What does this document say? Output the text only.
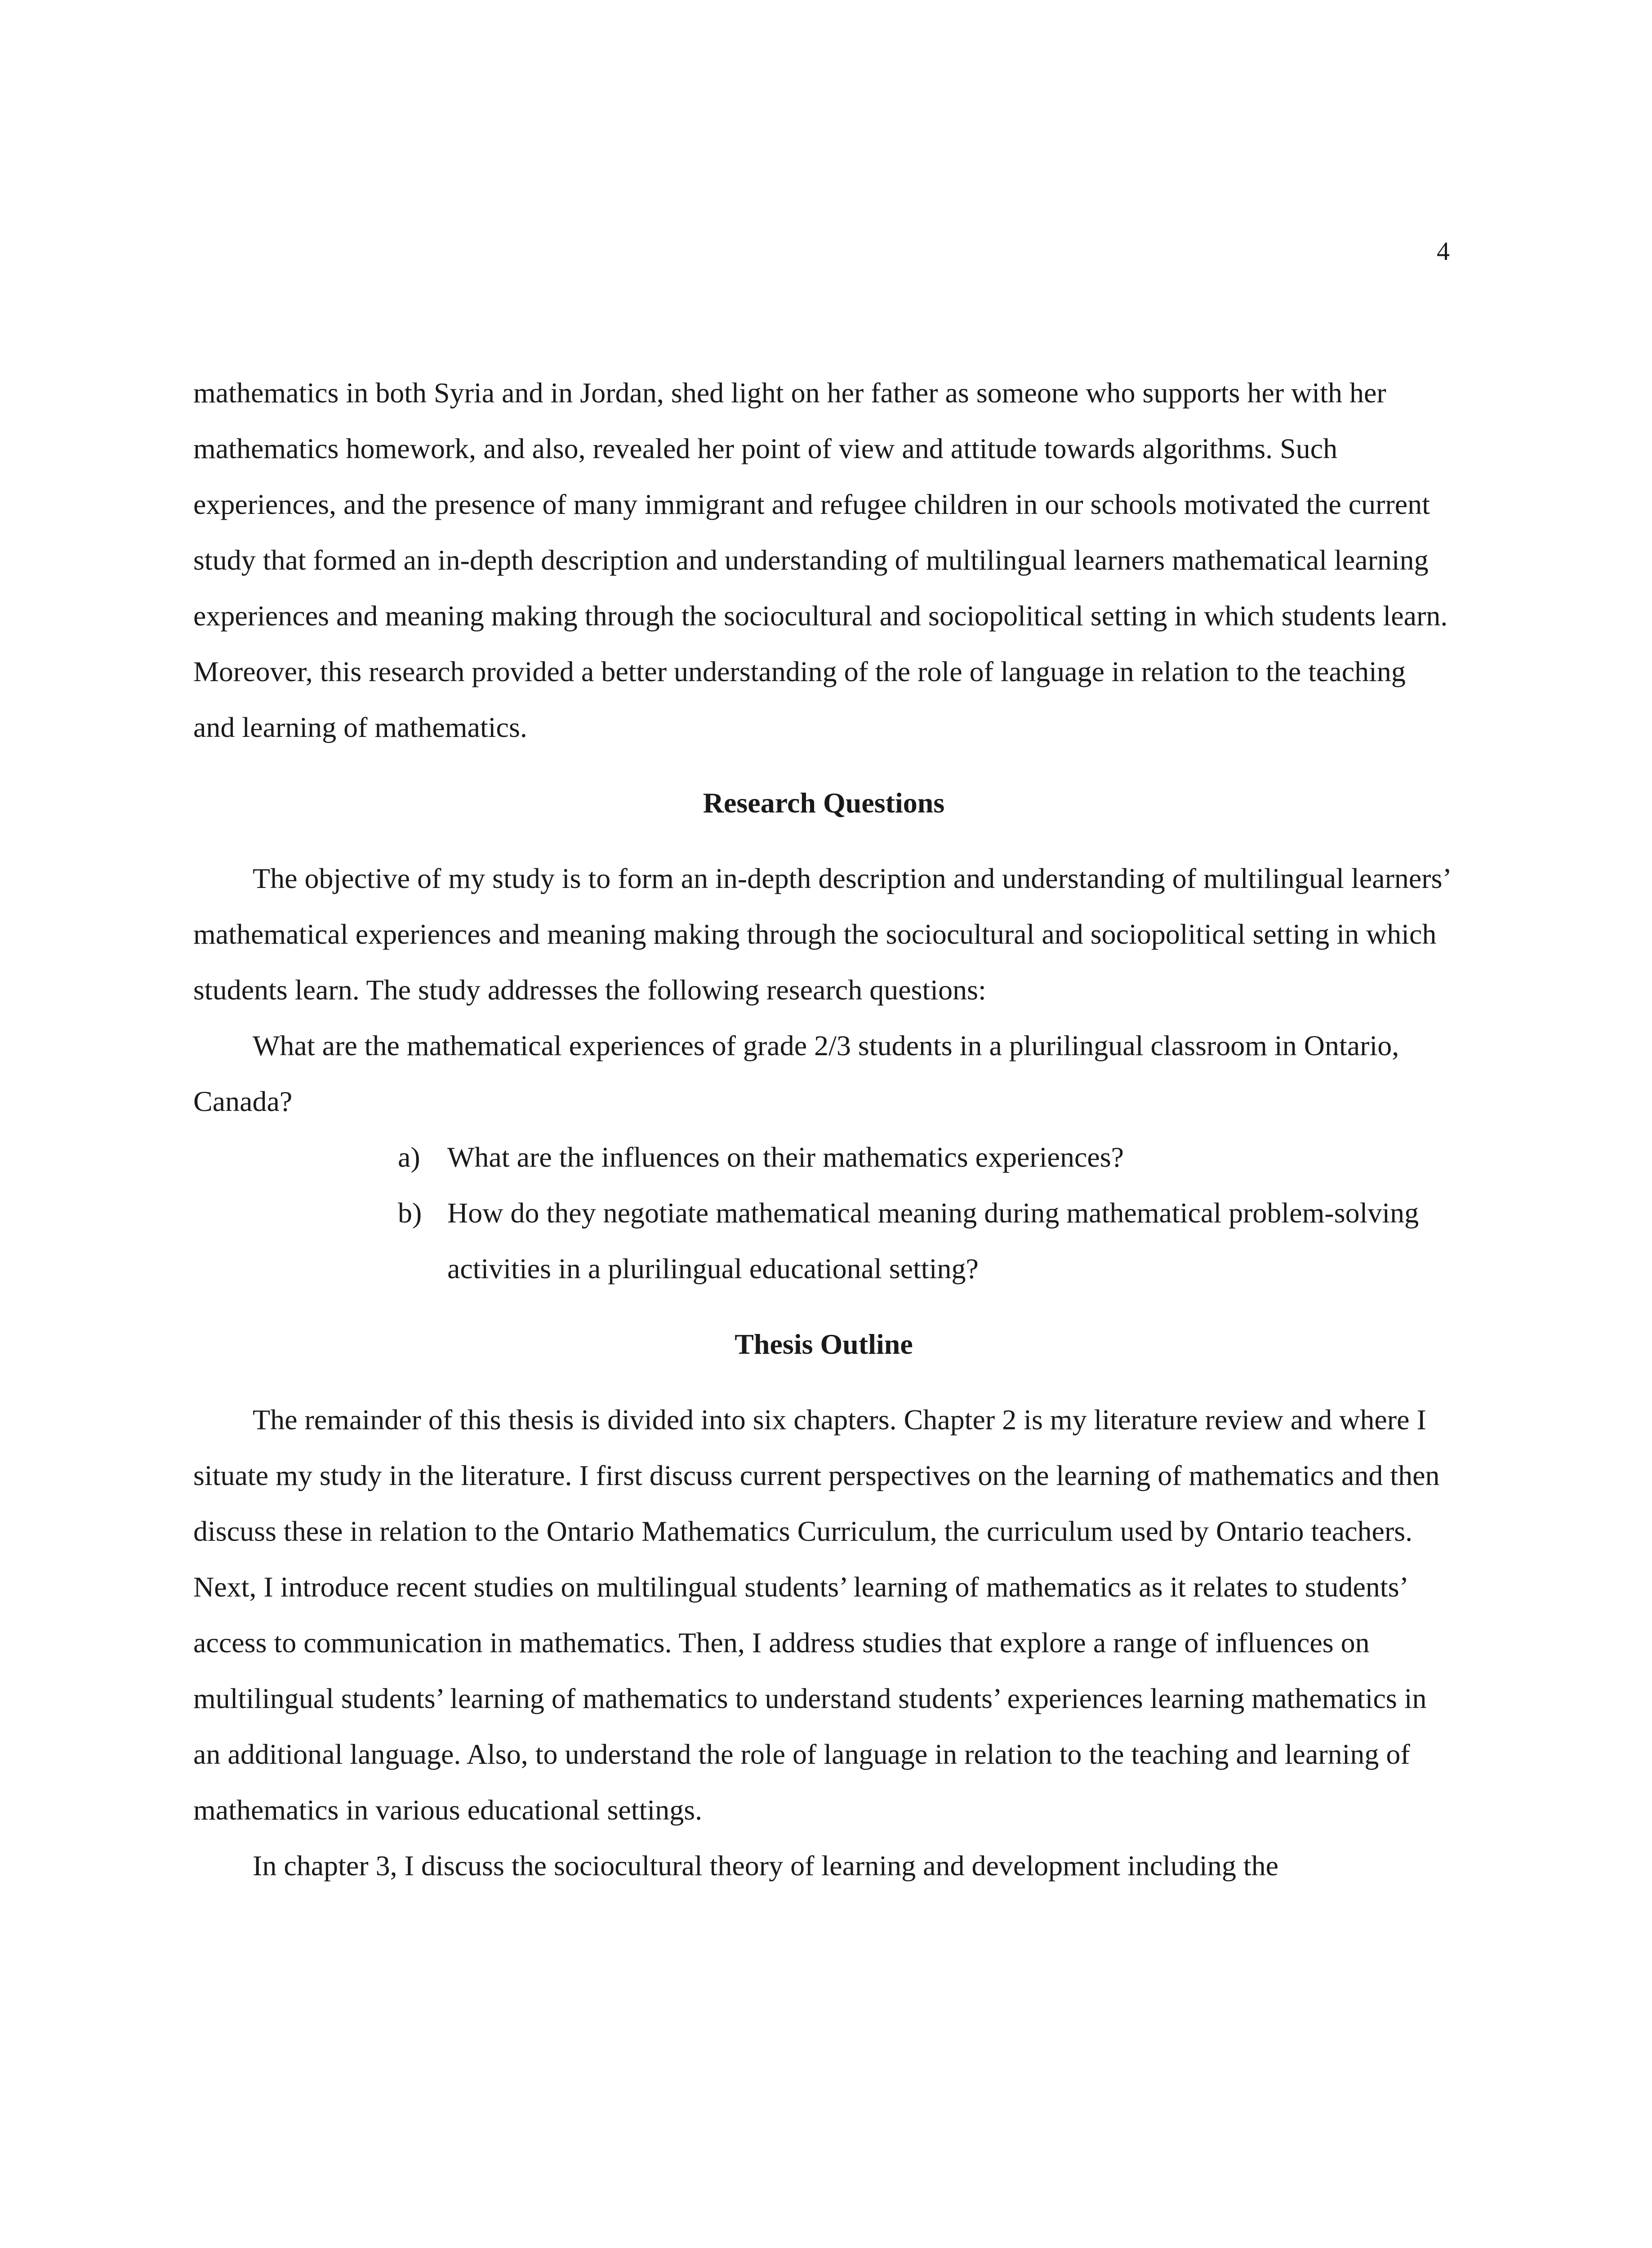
4

mathematics in both Syria and in Jordan, shed light on her father as someone who supports her with her mathematics homework, and also, revealed her point of view and attitude towards algorithms. Such experiences, and the presence of many immigrant and refugee children in our schools motivated the current study that formed an in-depth description and understanding of multilingual learners mathematical learning experiences and meaning making through the sociocultural and sociopolitical setting in which students learn. Moreover, this research provided a better understanding of the role of language in relation to the teaching and learning of mathematics.

Research Questions

The objective of my study is to form an in-depth description and understanding of multilingual learners’ mathematical experiences and meaning making through the sociocultural and sociopolitical setting in which students learn. The study addresses the following research questions:

What are the mathematical experiences of grade 2/3 students in a plurilingual classroom in Ontario, Canada?

a) What are the influences on their mathematics experiences?
b) How do they negotiate mathematical meaning during mathematical problem-solving activities in a plurilingual educational setting?
Thesis Outline

The remainder of this thesis is divided into six chapters. Chapter 2 is my literature review and where I situate my study in the literature. I first discuss current perspectives on the learning of mathematics and then discuss these in relation to the Ontario Mathematics Curriculum, the curriculum used by Ontario teachers. Next, I introduce recent studies on multilingual students’ learning of mathematics as it relates to students’ access to communication in mathematics. Then, I address studies that explore a range of influences on multilingual students’ learning of mathematics to understand students’ experiences learning mathematics in an additional language. Also, to understand the role of language in relation to the teaching and learning of mathematics in various educational settings.

In chapter 3, I discuss the sociocultural theory of learning and development including the
